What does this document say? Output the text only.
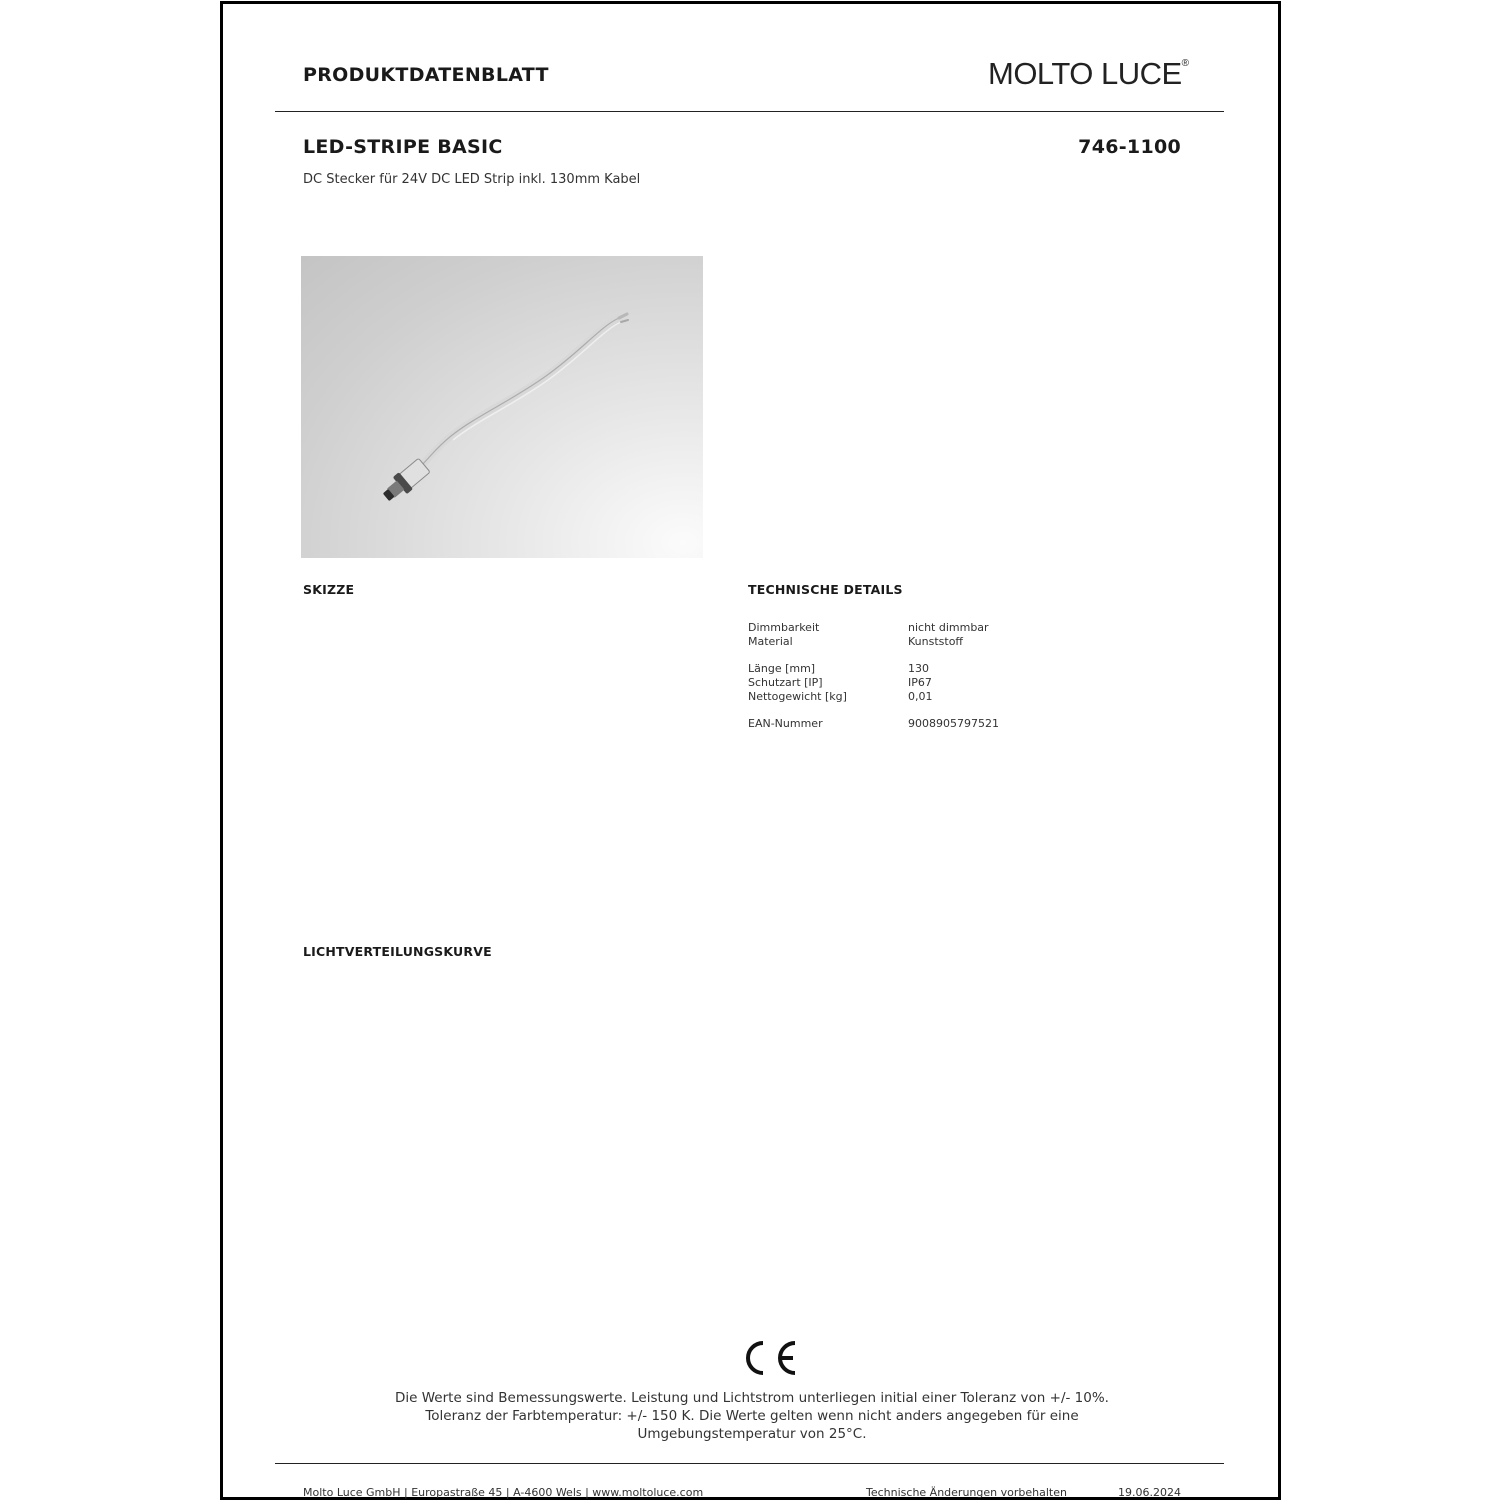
PRODUKTDATENBLATT	MOLTO LUCE®
LED-STRIPE BASIC	746-1100
DC Stecker für 24V DC LED Strip inkl. 130mm Kabel
SKIZZE	TECHNISCHE DETAILS
Dimmbarkeit	nicht dimmbar
Material	Kunststoff

Länge [mm]	130
Schutzart [IP]	IP67
Nettogewicht [kg]	0,01

EAN-Nummer	9008905797521
LICHTVERTEILUNGSKURVE
Die Werte sind Bemessungswerte. Leistung und Lichtstrom unterliegen initial einer Toleranz von +/- 10%.
Toleranz der Farbtemperatur: +/- 150 K. Die Werte gelten wenn nicht anders angegeben für eine
Umgebungstemperatur von 25°C.
Molto Luce GmbH | Europastraße 45 | A-4600 Wels | www.moltoluce.com	Technische Änderungen vorbehalten	19.06.2024
